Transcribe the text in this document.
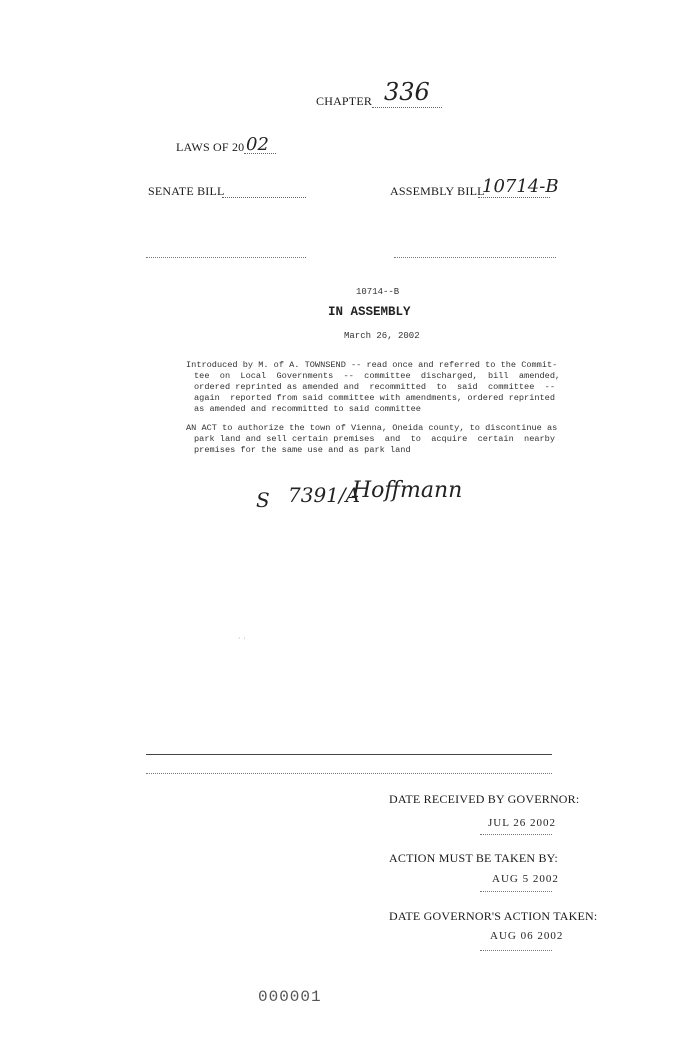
CHAPTER 336
LAWS OF 20 02
SENATE BILL	ASSEMBLY BILL
10714-B
10714--B
IN ASSEMBLY
March 26, 2002
Introduced by M. of A. TOWNSEND -- read once and referred to the Commit-
tee  on  Local  Governments  --  committee  discharged,  bill  amended,
ordered reprinted as amended and  recommitted  to  said  committee  --
again  reported from said committee with amendments, ordered reprinted
as amended and recommitted to said committee
AN ACT to authorize the town of Vienna, Oneida county, to discontinue as
park land and sell certain premises  and  to  acquire  certain  nearby
premises for the same use and as park land
S 7391/A
Hoffmann
· ·
DATE RECEIVED BY GOVERNOR:
JUL 26 2002
ACTION MUST BE TAKEN BY:
AUG 5 2002
DATE GOVERNOR'S ACTION TAKEN:
AUG 06 2002
000001
